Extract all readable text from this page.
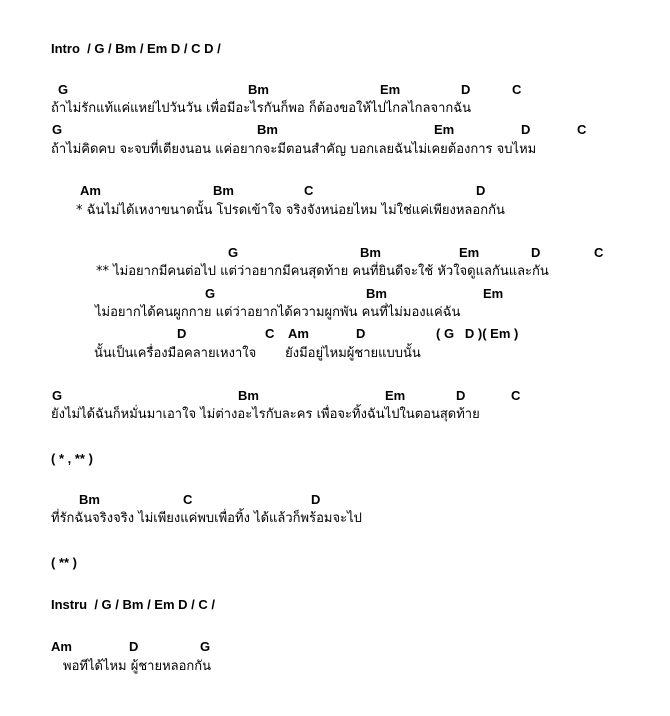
Intro  / G / Bm / Em D / C D /

G

	Bm

	Em

	D

	C

ถ้าไม่รักแท้แค่แหย่ไปวันวัน เพื่อมีอะไรกันก็พอ ก็ต้องขอให้ไปไกลไกลจากฉัน

G

	Bm

	Em

	D

	C

ถ้าไม่คิดคบ จะจบที่เตียงนอน แค่อยากจะมีตอนสำคัญ บอกเลยฉันไม่เคยต้องการ จบไหม

Am

	Bm

	C

	D

* ฉันไม่ได้เหงาขนาดนั้น โปรดเข้าใจ จริงจังหน่อยไหม ไม่ใช่แค่เพียงหลอกกัน

G

	Bm

	Em

	D

	C

** ไม่อยากมีคนต่อไป แต่ว่าอยากมีคนสุดท้าย คนที่ยินดีจะใช้ หัวใจดูแลกันและกัน

G

	Bm

	Em

ไม่อยากได้คนผูกกาย แต่ว่าอยากได้ความผูกพัน คนที่ไม่มองแค่ฉัน

D

	C

Am

	D

	( G   D )( Em )

นั้นเป็นเครื่องมือคลายเหงาใจ       ยังมีอยู่ไหมผู้ชายแบบนั้น

G

	Bm

	Em

	D

	C

ยังไม่ได้ฉันก็หมั่นมาเอาใจ ไม่ต่างอะไรกับละคร เพื่อจะทิ้งฉันไปในตอนสุดท้าย
( * , ** )

Bm

	C

	D

ที่รักฉันจริงจริง ไม่เพียงแค่พบเพื่อทิ้ง ได้แล้วก็พร้อมจะไป
( ** )
Instru  / G / Bm / Em D / C /

Am

	D

	G

พอทีได้ไหม ผู้ชายหลอกกัน
